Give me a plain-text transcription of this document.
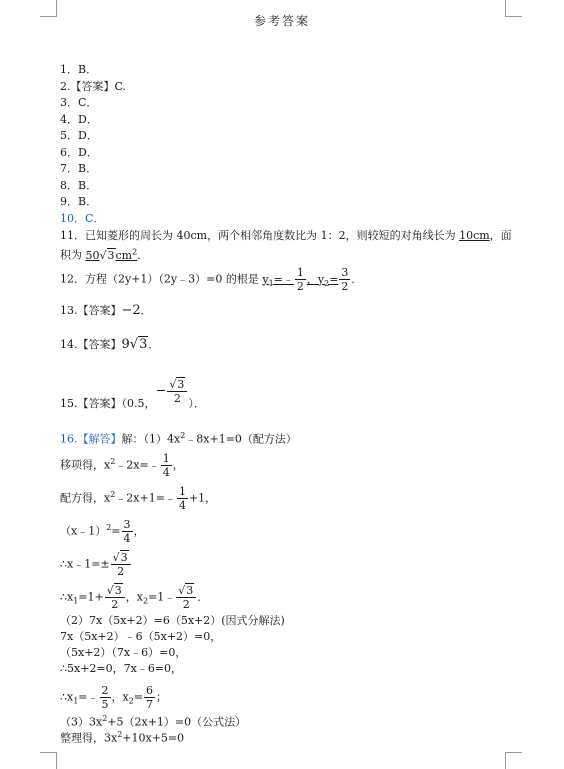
参考答案
1．B．
2.【答案】C.
3．C．
4．D．
5．D．
6．D．
7．B．
8．B．
9．B．
10．C．
11．已知菱形的周长为 40cm，两个相邻角度数比为 1：2，则较短的对角线长为 10cm，面
积为 $50√3cm^2$．
12．方程（2y+1）（2y﹣3）=0 的根是 $y_1=﹣ \frac{1}{2}$ ，$y_2= \frac{3}{2}$ ．
13.【答案】−2．
14.【答案】9√3．
15.【答案】（0.5，− $\frac{√3}{2}$ ）．
16.【解答】解：$(1)4x^2﹣8x+1=0$（配方法）
移项得，$x^2﹣2x=﹣ \frac{1}{4}$ ，
配方得，$x^2﹣2x+1=﹣ \frac{1}{4} +1$，
（x﹣1）$^2$= $\frac{3}{4}$ ，
∴x﹣1=± $\frac{√3}{2}$
$\therefore x_1=1+ \frac{√3}{2}$ ，$x_2=1﹣ \frac{√3}{2}$ ．
（2）7x（5x+2）=6（5x+2）(因式分解法)
7x（5x+2）﹣6（5x+2）=0，
（5x+2）（7x﹣6）=0，
∴5x+2=0，7x﹣6=0，
$\therefore x_1=﹣ \frac{2}{5}$ ，$x_2= \frac{6}{7}$ ；
$(3)3x^2+5(2x+1)=0$（公式法）
整理得，$3x^2+10x+5=0$
